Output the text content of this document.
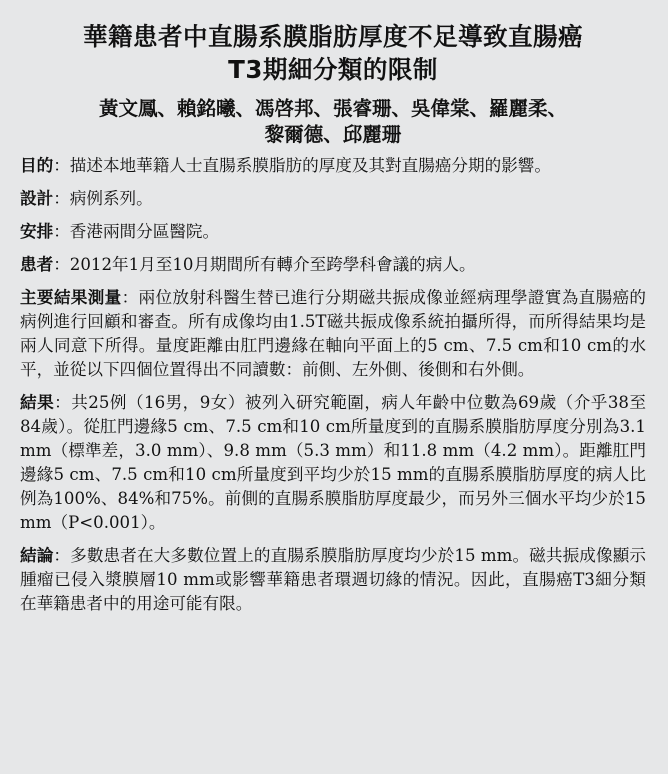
華籍患者中直腸系膜脂肪厚度不足導致直腸癌
T3期細分類的限制
黃文鳳、賴銘曦、馮啓邦、張睿珊、吳偉棠、羅麗柔、
黎爾德、邱麗珊

目的：描述本地華籍人士直腸系膜脂肪的厚度及其對直腸癌分期的影響。

設計：病例系列。

安排：香港兩間分區醫院。

患者：2012年1月至10月期間所有轉介至跨學科會議的病人。

主要結果測量：兩位放射科醫生替已進行分期磁共振成像並經病理學證實為直腸癌的病例進行回顧和審查。所有成像均由1.5T磁共振成像系統拍攝所得，而所得結果均是兩人同意下所得。量度距離由肛門邊緣在軸向平面上的5 cm、7.5 cm和10 cm的水平，並從以下四個位置得出不同讀數：前側、左外側、後側和右外側。

結果：共25例（16男，9女）被列入研究範圍，病人年齡中位數為69歲（介乎38至84歲）。從肛門邊緣5 cm、7.5 cm和10 cm所量度到的直腸系膜脂肪厚度分別為3.1 mm（標準差，3.0 mm）、9.8 mm（5.3 mm）和11.8 mm（4.2 mm）。距離肛門邊緣5 cm、7.5 cm和10 cm所量度到平均少於15 mm的直腸系膜脂肪厚度的病人比例為100%、84%和75%。前側的直腸系膜脂肪厚度最少，而另外三個水平均少於15 mm（P<0.001）。

結論：多數患者在大多數位置上的直腸系膜脂肪厚度均少於15 mm。磁共振成像顯示腫瘤已侵入漿膜層10 mm或影響華籍患者環週切緣的情況。因此，直腸癌T3細分類在華籍患者中的用途可能有限。
